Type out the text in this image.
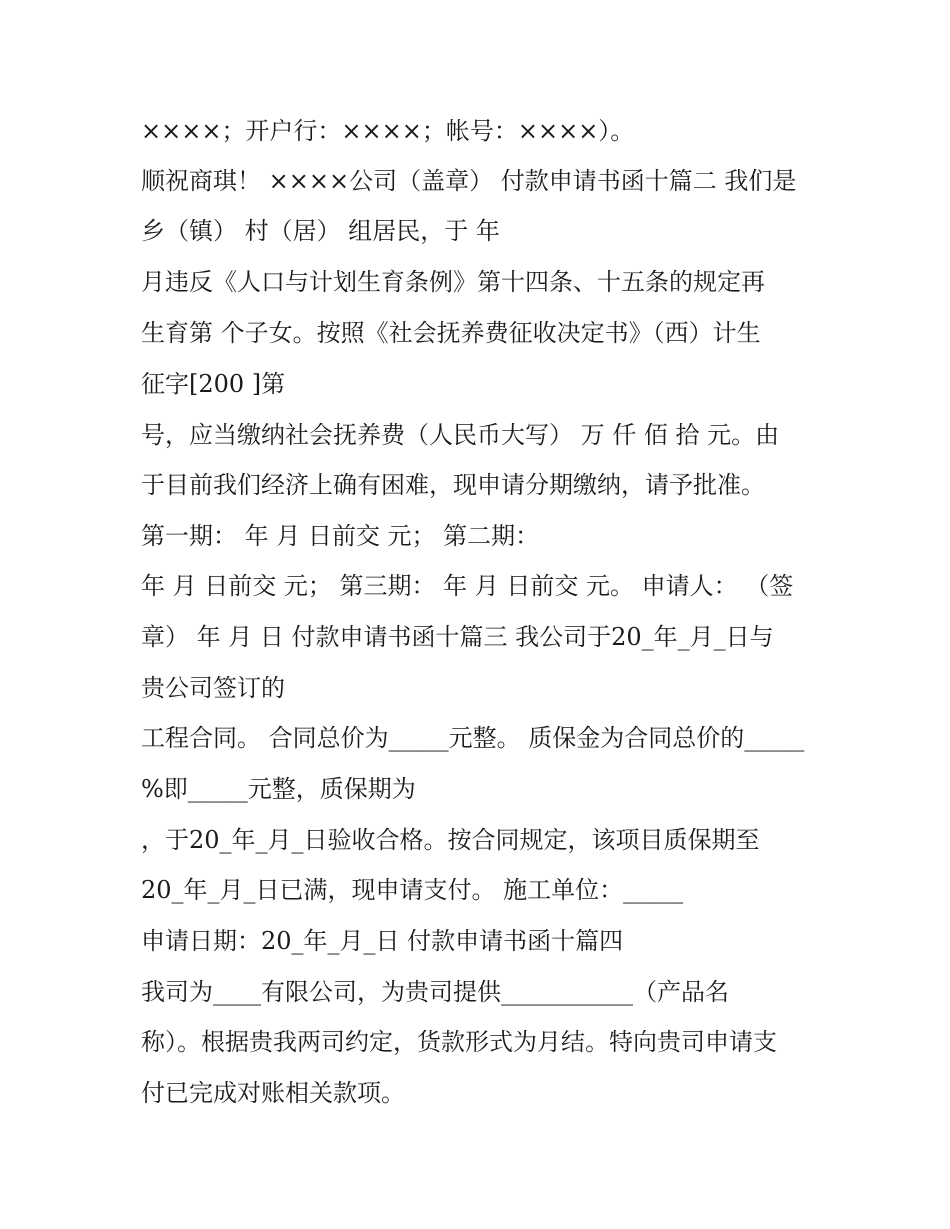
××××；开户行：××××；帐号：××××）。
顺祝商琪！ ××××公司（盖章） 付款申请书函十篇二 我们是
乡（镇） 村（居） 组居民，于 年
月违反《人口与计划生育条例》第十四条、十五条的规定再
生育第 个子女。按照《社会抚养费征收决定书》（西）计生
征字[200 ]第
号，应当缴纳社会抚养费（人民币大写） 万 仟 佰 拾 元。由
于目前我们经济上确有困难，现申请分期缴纳，请予批准。
第一期： 年 月 日前交 元； 第二期：
年 月 日前交 元； 第三期： 年 月 日前交 元。 申请人： （签
章） 年 月 日 付款申请书函十篇三 我公司于20_年_月_日与
贵公司签订的
工程合同。 合同总价为_____元整。 质保金为合同总价的_____
%即_____元整，质保期为
，于20_年_月_日验收合格。按合同规定，该项目质保期至
20_年_月_日已满，现申请支付。 施工单位：_____
申请日期：20_年_月_日 付款申请书函十篇四
我司为____有限公司，为贵司提供___________（产品名
称）。根据贵我两司约定，货款形式为月结。特向贵司申请支
付已完成对账相关款项。
